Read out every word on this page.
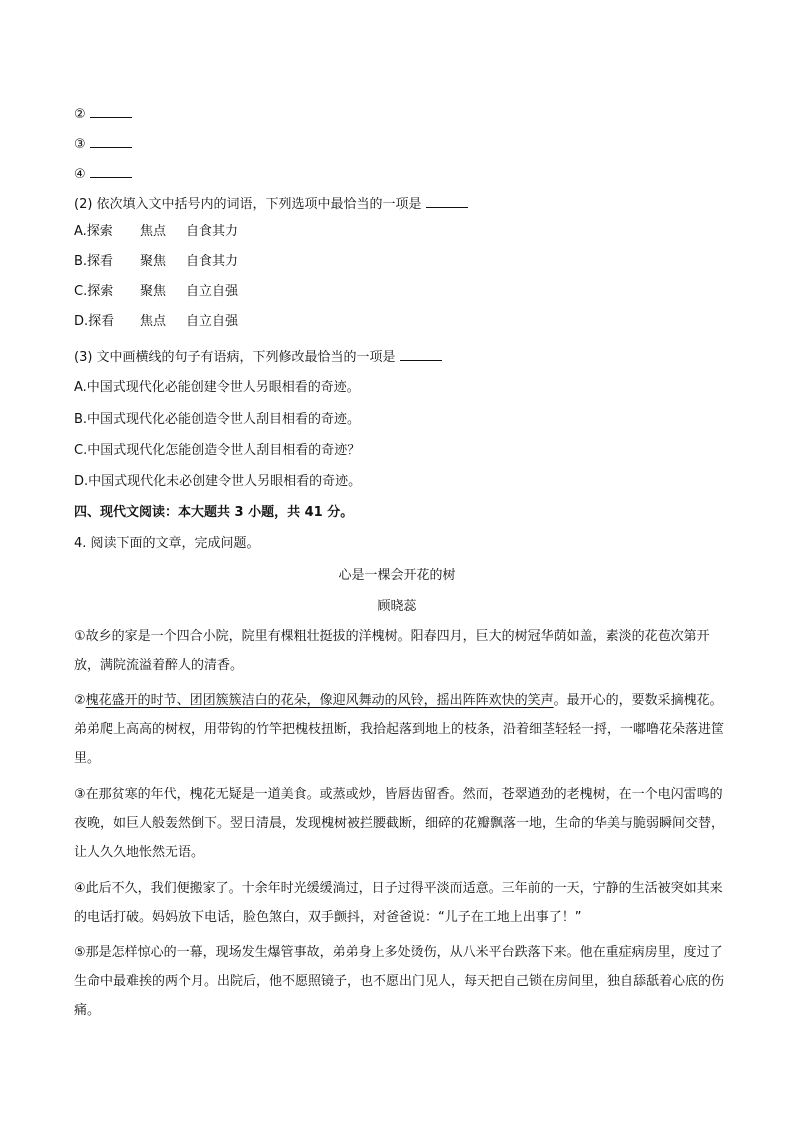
②
③
④
(2) 依次填入文中括号内的词语，下列选项中最恰当的一项是
A.探索 焦点 自食其力
B.探看 聚焦 自食其力
C.探索 聚焦 自立自强
D.探看 焦点 自立自强
(3) 文中画横线的句子有语病，下列修改最恰当的一项是
A.中国式现代化必能创建令世人另眼相看的奇迹。
B.中国式现代化必能创造令世人刮目相看的奇迹。
C.中国式现代化怎能创造令世人刮目相看的奇迹？
D.中国式现代化未必创建令世人另眼相看的奇迹。
四、现代文阅读：本大题共 3 小题，共 41 分。
4. 阅读下面的文章，完成问题。
心是一棵会开花的树
顾晓蕊
①故乡的家是一个四合小院，院里有棵粗壮挺拔的洋槐树。阳春四月，巨大的树冠华荫如盖，素淡的花苞次第开放，满院流溢着醉人的清香。
②槐花盛开的时节、团团簇簇洁白的花朵，像迎风舞动的风铃，摇出阵阵欢快的笑声。最开心的，要数采摘槐花。弟弟爬上高高的树杈，用带钩的竹竿把槐枝扭断，我拾起落到地上的枝条，沿着细茎轻轻一捋，一嘟噜花朵落进筐里。
③在那贫寒的年代，槐花无疑是一道美食。或蒸或炒，皆唇齿留香。然而，苍翠遒劲的老槐树，在一个电闪雷鸣的夜晚，如巨人般轰然倒下。翌日清晨，发现槐树被拦腰截断，细碎的花瓣飘落一地，生命的华美与脆弱瞬间交替，让人久久地怅然无语。
④此后不久，我们便搬家了。十余年时光缓缓淌过，日子过得平淡而适意。三年前的一天，宁静的生活被突如其来的电话打破。妈妈放下电话，脸色煞白，双手颤抖，对爸爸说：“儿子在工地上出事了！”
⑤那是怎样惊心的一幕，现场发生爆管事故，弟弟身上多处烫伤，从八米平台跌落下来。他在重症病房里，度过了生命中最难挨的两个月。出院后，他不愿照镜子，也不愿出门见人，每天把自己锁在房间里，独自舔舐着心底的伤痛。
